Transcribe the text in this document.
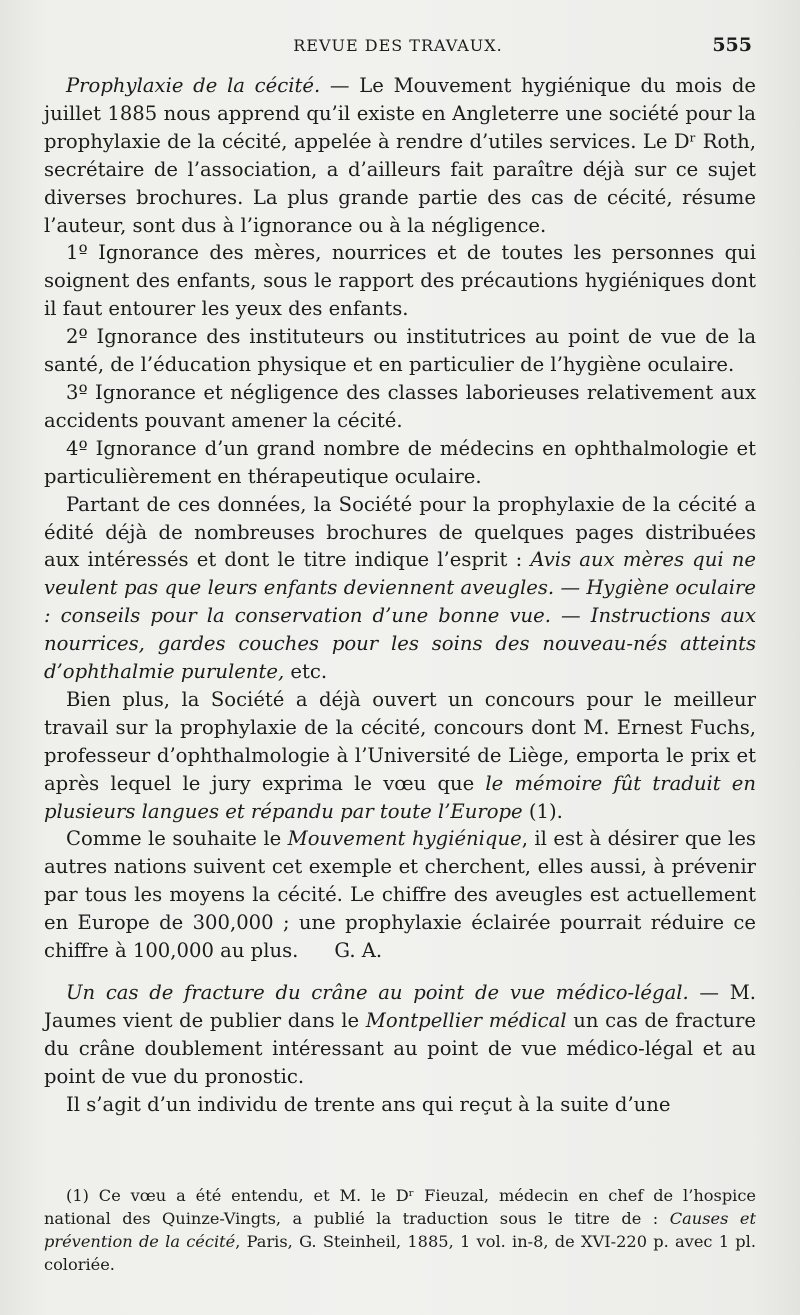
REVUE DES TRAVAUX.	555

Prophylaxie de la cécité. — Le Mouvement hygiénique du mois de juillet 1885 nous apprend qu’il existe en Angleterre une société pour la prophylaxie de la cécité, appelée à rendre d’utiles services. Le Dʳ Roth, secrétaire de l’association, a d’ailleurs fait paraître déjà sur ce sujet diverses brochures. La plus grande partie des cas de cécité, résume l’auteur, sont dus à l’ignorance ou à la négligence.

1º Ignorance des mères, nourrices et de toutes les personnes qui soignent des enfants, sous le rapport des précautions hygiéniques dont il faut entourer les yeux des enfants.

2º Ignorance des instituteurs ou institutrices au point de vue de la santé, de l’éducation physique et en particulier de l’hygiène oculaire.

3º Ignorance et négligence des classes laborieuses relativement aux accidents pouvant amener la cécité.

4º Ignorance d’un grand nombre de médecins en ophthalmologie et particulièrement en thérapeutique oculaire.

Partant de ces données, la Société pour la prophylaxie de la cécité a édité déjà de nombreuses brochures de quelques pages distribuées aux intéressés et dont le titre indique l’esprit : Avis aux mères qui ne veulent pas que leurs enfants deviennent aveugles. — Hygiène oculaire : conseils pour la conservation d’une bonne vue. — Instructions aux nourrices, gardes couches pour les soins des nouveau-nés atteints d’ophthalmie purulente, etc.

Bien plus, la Société a déjà ouvert un concours pour le meilleur travail sur la prophylaxie de la cécité, concours dont M. Ernest Fuchs, professeur d’ophthalmologie à l’Université de Liège, emporta le prix et après lequel le jury exprima le vœu que le mémoire fût traduit en plusieurs langues et répandu par toute l’Europe (1).

Comme le souhaite le Mouvement hygiénique, il est à désirer que les autres nations suivent cet exemple et cherchent, elles aussi, à prévenir par tous les moyens la cécité. Le chiffre des aveugles est actuellement en Europe de 300,000 ; une prophylaxie éclairée pourrait réduire ce chiffre à 100,000 au plus. G. A.

Un cas de fracture du crâne au point de vue médico-légal. — M. Jaumes vient de publier dans le Montpellier médical un cas de fracture du crâne doublement intéressant au point de vue médico-légal et au point de vue du pronostic.

Il s’agit d’un individu de trente ans qui reçut à la suite d’une

(1) Ce vœu a été entendu, et M. le Dʳ Fieuzal, médecin en chef de l’hospice national des Quinze-Vingts, a publié la traduction sous le titre de : Causes et prévention de la cécité, Paris, G. Steinheil, 1885, 1 vol. in-8, de XVI-220 p. avec 1 pl. coloriée.
